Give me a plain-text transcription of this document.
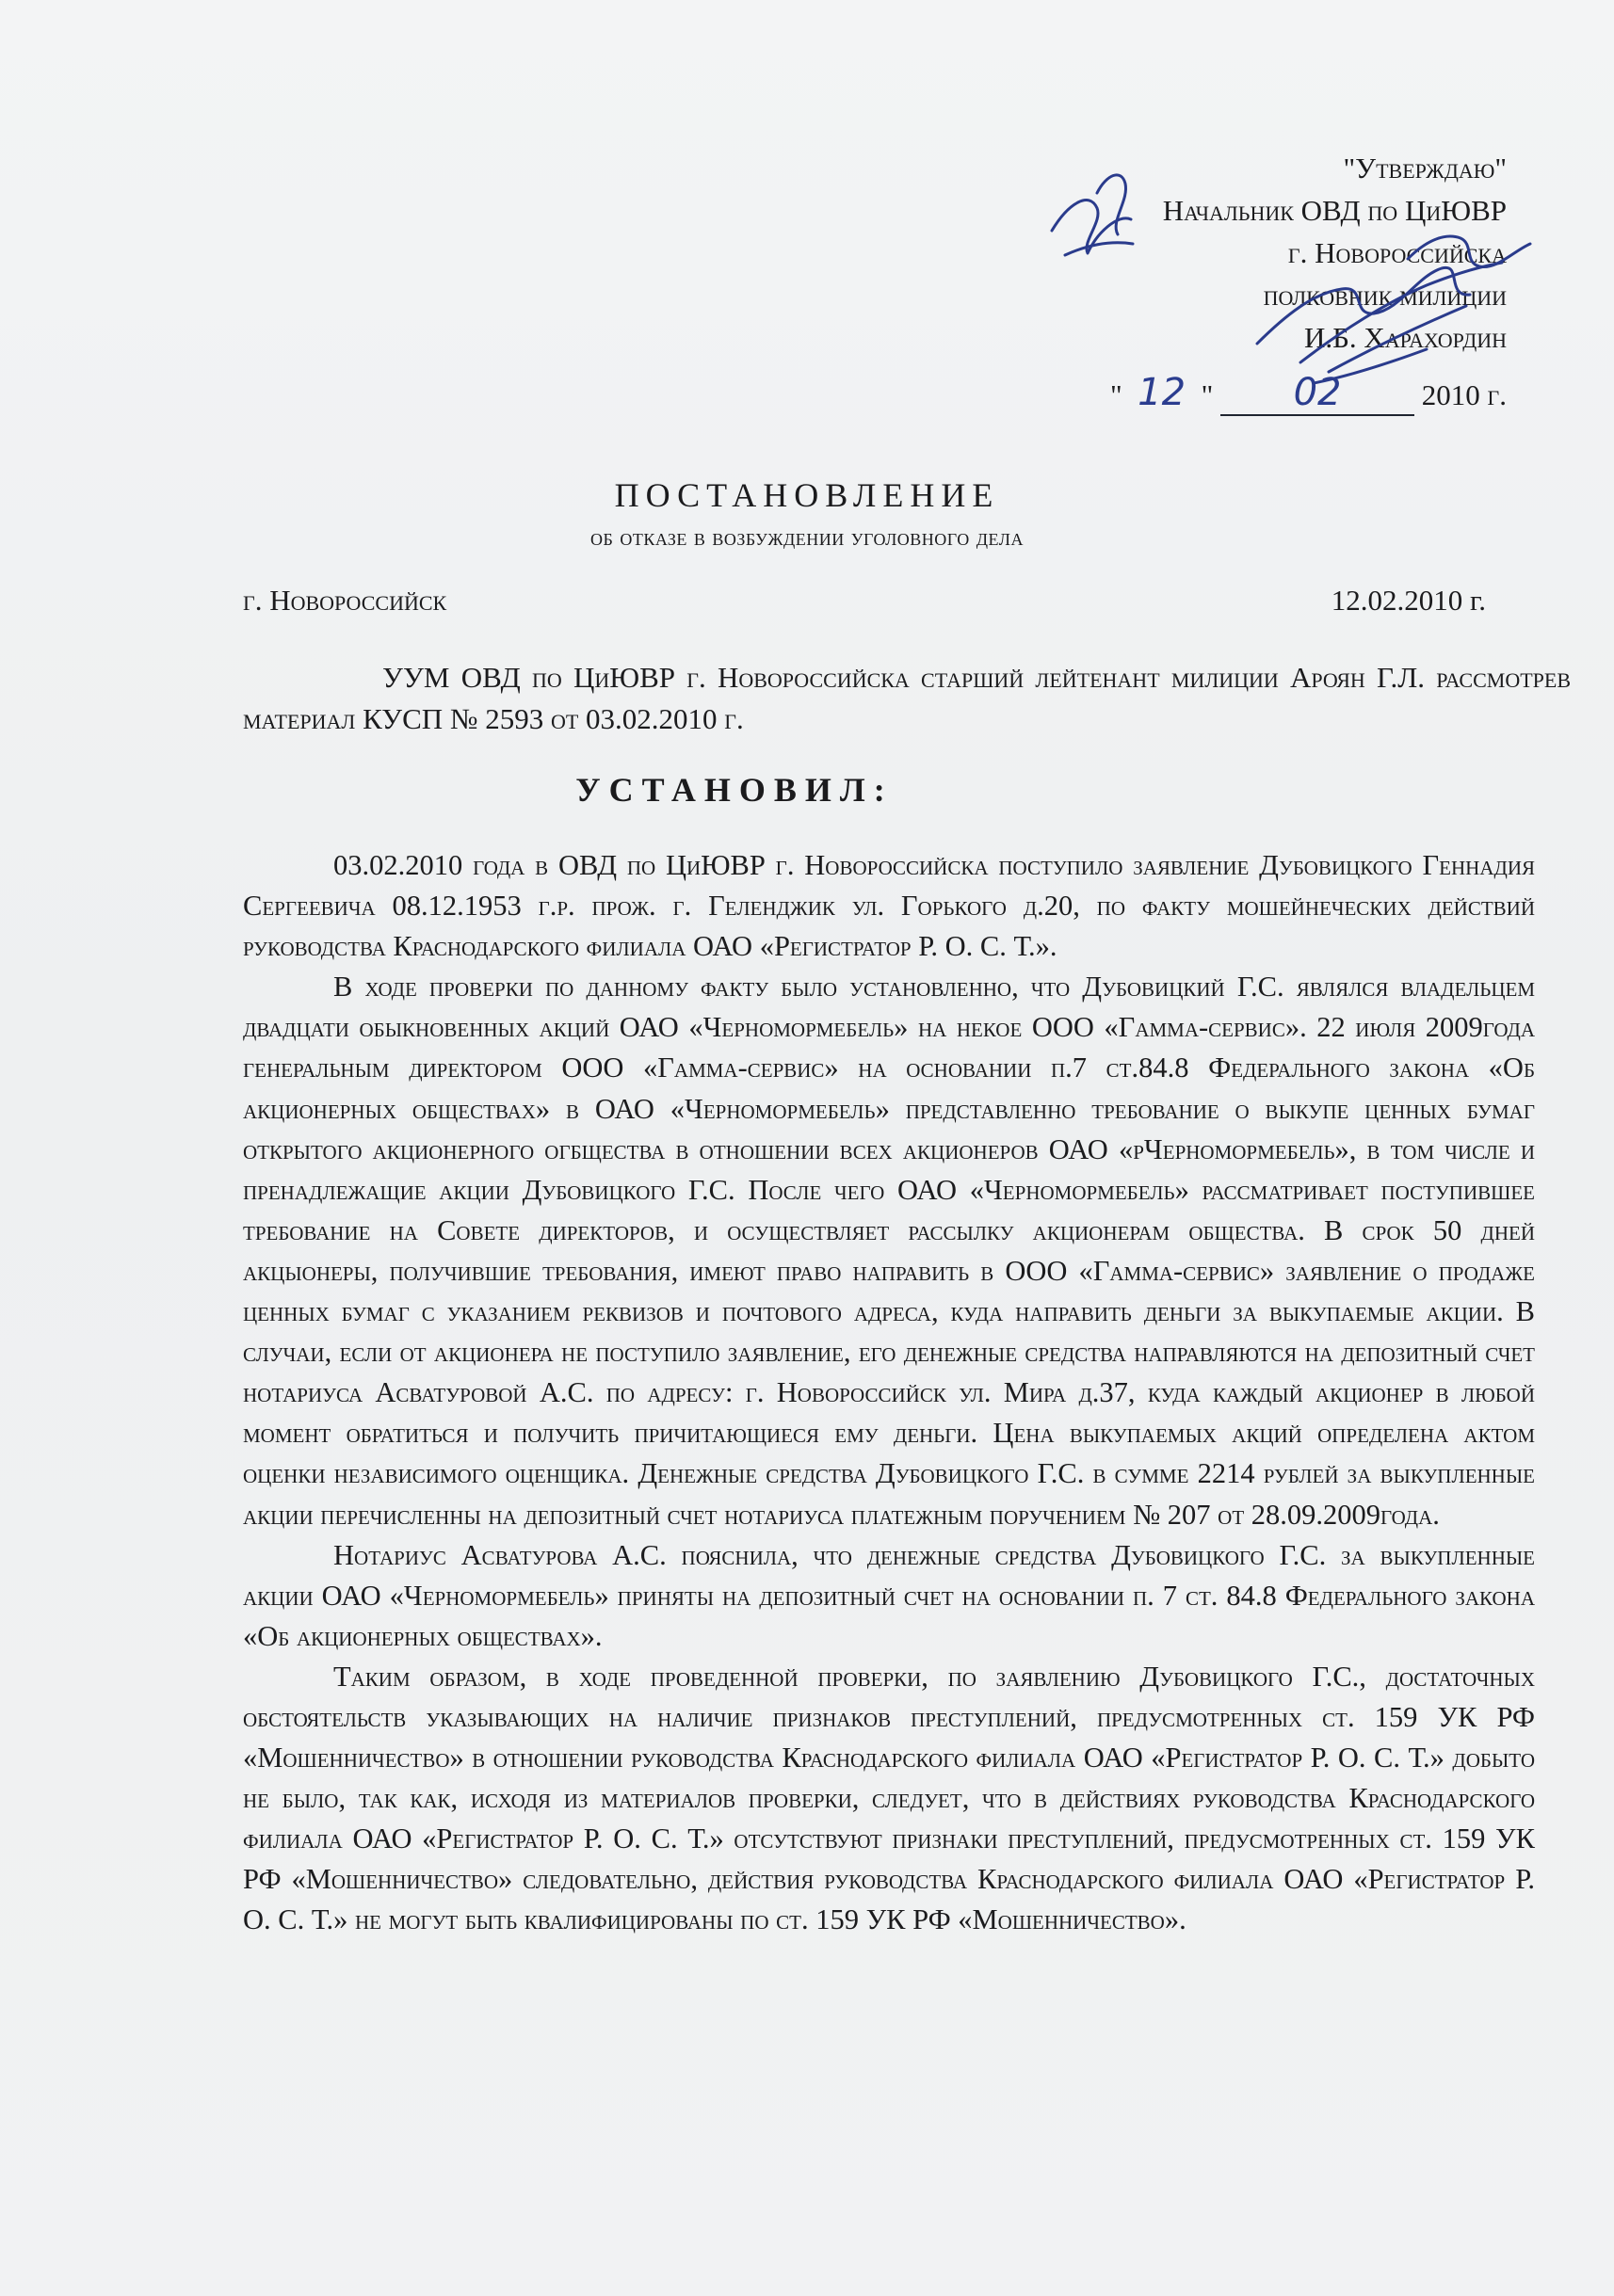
"Утверждаю"
Начальник ОВД по ЦиЮВР
г. Новороссийска
полковник милиции
И.Б. Харахордин
" 12 " 02	2010 г.
ПОСТАНОВЛЕНИЕ
об отказе в возбуждении уголовного дела
г. Новороссийск	12.02.2010 г.

УУМ ОВД по ЦиЮВР г. Новороссийска старший лейтенант милиции Ароян Г.Л. рассмотрев материал КУСП № 2593 от 03.02.2010 г.

УСТАНОВИЛ:

03.02.2010 года в ОВД по ЦиЮВР г. Новороссийска поступило заявление Дубовицкого Геннадия Сергеевича 08.12.1953 г.р. прож. г. Геленджик ул. Горького д.20, по факту мошейнеческих действий руководства Краснодарского филиала ОАО «Регистратор Р. О. С. Т.».

В ходе проверки по данному факту было установленно, что Дубовицкий Г.С. являлся владельцем двадцати обыкновенных акций ОАО «Черномормебель» на некое ООО «Гамма-сервис». 22 июля 2009года генеральным директором ООО «Гамма-сервис» на основании п.7 ст.84.8 Федерального закона «Об акционерных обществах» в ОАО «Черномормебель» представленно требование о выкупе ценных бумаг открытого акционерного огбщества в отношении всех акционеров ОАО «рЧерномормебель», в том числе и пренадлежащие акции Дубовицкого Г.С. После чего ОАО «Черномормебель» рассматривает поступившее требование на Совете директоров, и осуществляет рассылку акционерам общества. В срок 50 дней акцыонеры, получившие требования, имеют право направить в ООО «Гамма-сервис» заявление о продаже ценных бумаг с указанием реквизов и почтового адреса, куда направить деньги за выкупаемые акции. В случаи, если от акционера не поступило заявление, его денежные средства направляются на депозитный счет нотариуса Асватуровой А.С. по адресу: г. Новороссийск ул. Мира д.37, куда каждый акционер в любой момент обратиться и получить причитающиеся ему деньги. Цена выкупаемых акций определена актом оценки независимого оценщика. Денежные средства Дубовицкого Г.С. в сумме 2214 рублей за выкупленные акции перечисленны на депозитный счет нотариуса платежным поручением № 207 от 28.09.2009года.

Нотариус Асватурова А.С. пояснила, что денежные средства Дубовицкого Г.С. за выкупленные акции ОАО «Черномормебель» приняты на депозитный счет на основании п. 7 ст. 84.8 Федерального закона «Об акционерных обществах».

Таким образом, в ходе проведенной проверки, по заявлению Дубовицкого Г.С., достаточных обстоятельств указывающих на наличие признаков преступлений, предусмотренных ст. 159 УК РФ «Мошенничество» в отношении руководства Краснодарского филиала ОАО «Регистратор Р. О. С. Т.» добыто не было, так как, исходя из материалов проверки, следует, что в действиях руководства Краснодарского филиала ОАО «Регистратор Р. О. С. Т.» отсутствуют признаки преступлений, предусмотренных ст. 159 УК РФ «Мошенничество» следовательно, действия руководства Краснодарского филиала ОАО «Регистратор Р. О. С. Т.» не могут быть квалифицированы по ст. 159 УК РФ «Мошенничество».
